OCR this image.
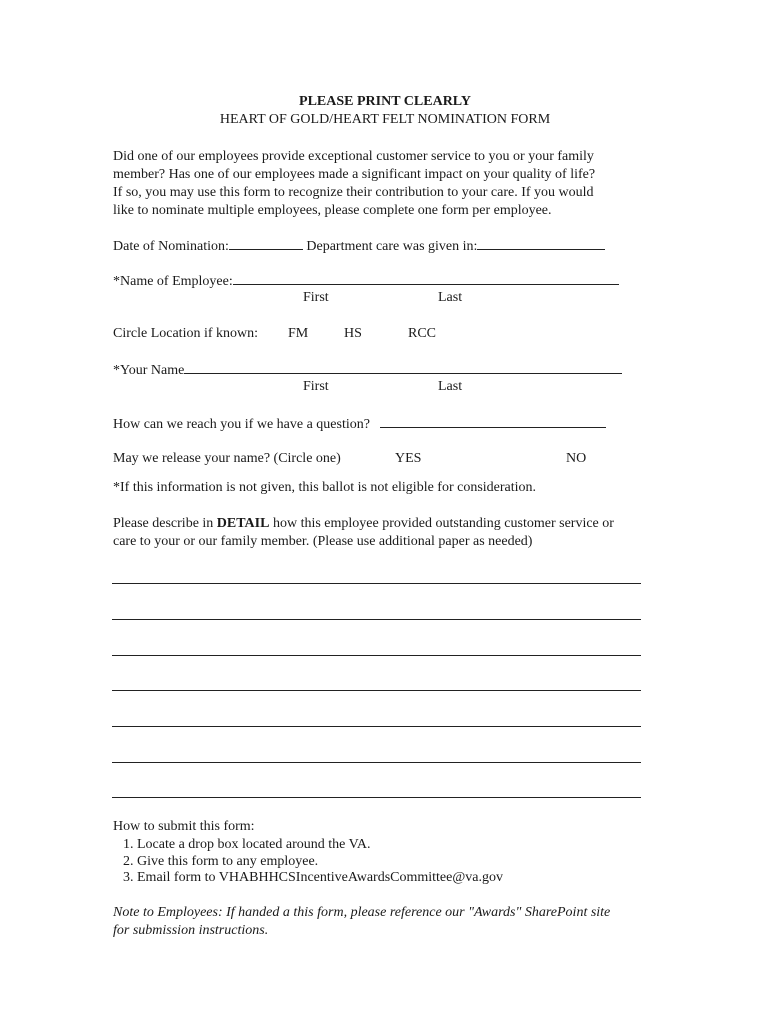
PLEASE PRINT CLEARLY
HEART OF GOLD/HEART FELT NOMINATION FORM
Did one of our employees provide exceptional customer service to you or your family
member? Has one of our employees made a significant impact on your quality of life?
If so, you may use this form to recognize their contribution to your care. If you would
like to nominate multiple employees, please complete one form per employee.
Date of Nomination:	Department care was given in:
*Name of Employee:
First	Last
Circle Location if known: FM	HS	RCC
*Your Name
First	Last
How can we reach you if we have a question?
May we release your name? (Circle one)	YES	NO
*If this information is not given, this ballot is not eligible for consideration.
Please describe in DETAIL how this employee provided outstanding customer service or
care to your or our family member. (Please use additional paper as needed)
How to submit this form:
1. Locate a drop box located around the VA.
2. Give this form to any employee.
3. Email form to VHABHHCSIncentiveAwardsCommittee@va.gov
Note to Employees: If handed a this form, please reference our "Awards" SharePoint site
for submission instructions.
